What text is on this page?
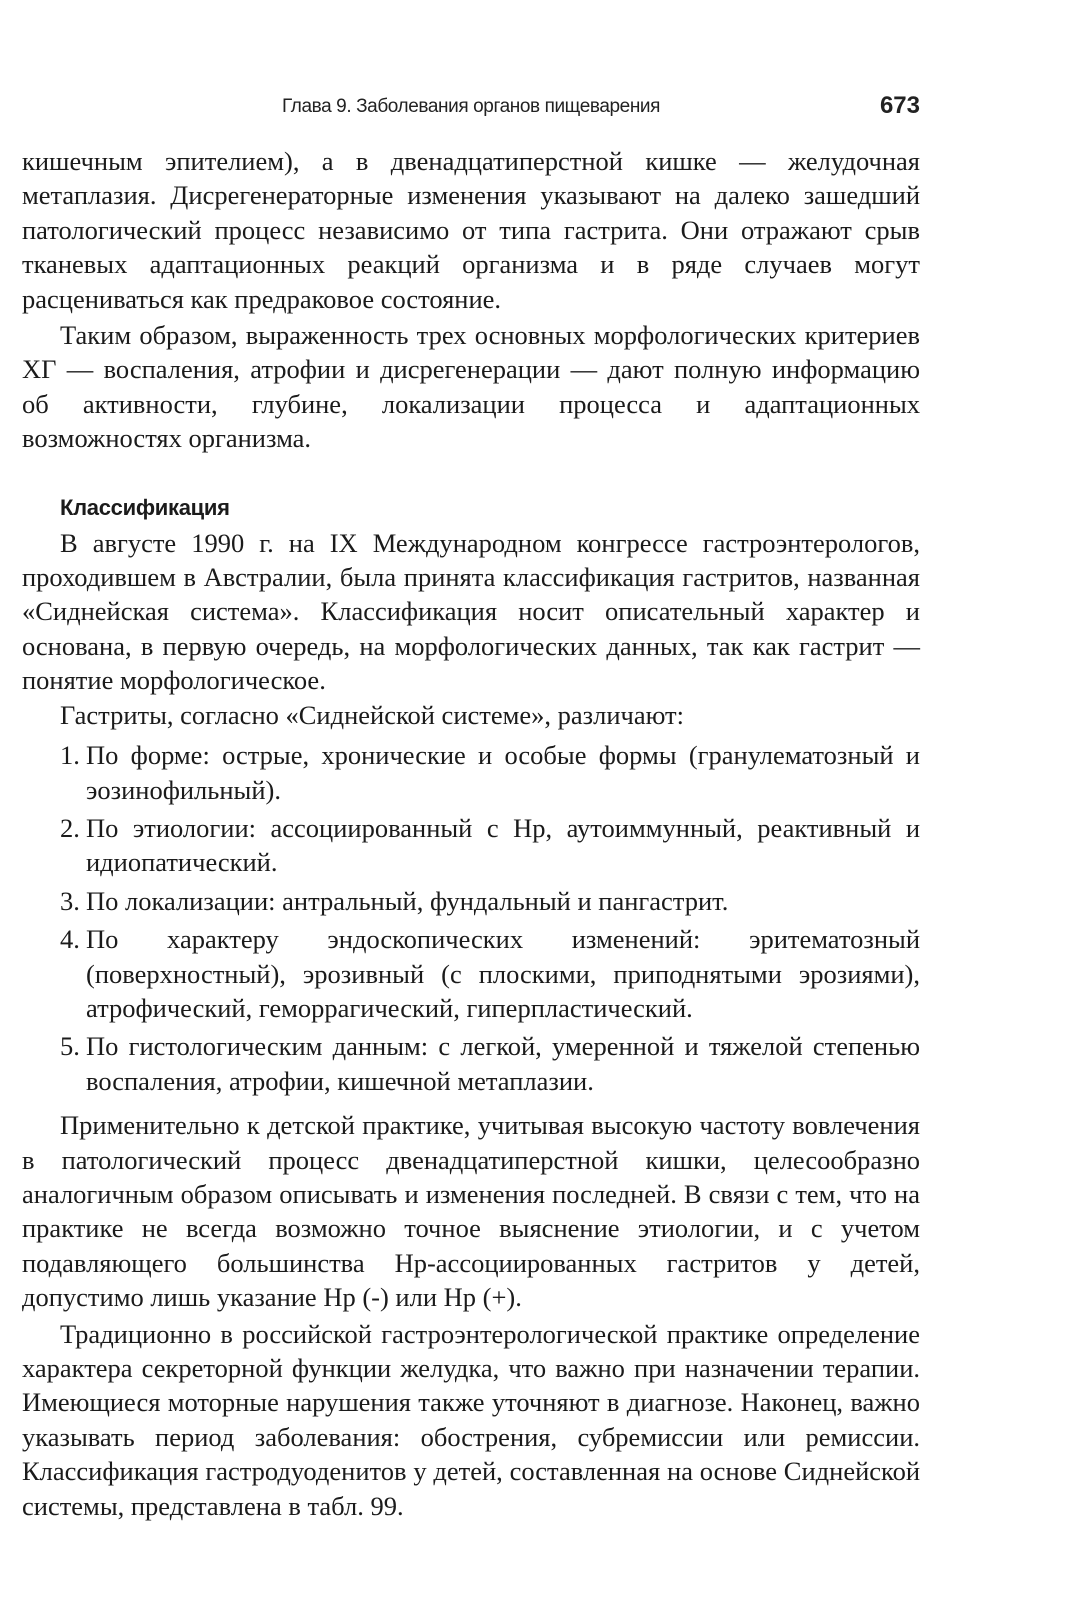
Глава 9. Заболевания органов пищеварения	673

кишечным эпителием), а в двенадцатиперстной кишке — желудочная метаплазия. Дисрегенераторные изменения указывают на далеко зашедший патологический процесс независимо от типа гастрита. Они отражают срыв тканевых адаптационных реакций организма и в ряде случаев могут расцениваться как предраковое состояние.

Таким образом, выраженность трех основных морфологических критериев ХГ — воспаления, атрофии и дисрегенерации — дают полную информацию об активности, глубине, локализации процесса и адаптационных возможностях организма.

Классификация

В августе 1990 г. на IX Международном конгрессе гастроэнтерологов, проходившем в Австралии, была принята классификация гастритов, названная «Сиднейская система». Классификация носит описательный характер и основана, в первую очередь, на морфологических данных, так как гастрит — понятие морфологическое.

Гастриты, согласно «Сиднейской системе», различают:

1. По форме: острые, хронические и особые формы (гранулематозный и эозинофильный).
2. По этиологии: ассоциированный с Нр, аутоиммунный, реактивный и идиопатический.
3. По локализации: антральный, фундальный и пангастрит.
4. По характеру эндоскопических изменений: эритематозный (поверхностный), эрозивный (с плоскими, приподнятыми эрозиями), атрофический, геморрагический, гиперпластический.
5. По гистологическим данным: с легкой, умеренной и тяжелой степенью воспаления, атрофии, кишечной метаплазии.

Применительно к детской практике, учитывая высокую частоту вовлечения в патологический процесс двенадцатиперстной кишки, целесообразно аналогичным образом описывать и изменения последней. В связи с тем, что на практике не всегда возможно точное выяснение этиологии, и с учетом подавляющего большинства Нр-ассоциированных гастритов у детей, допустимо лишь указание Нр (-) или Нр (+).

Традиционно в российской гастроэнтерологической практике определение характера секреторной функции желудка, что важно при назначении терапии. Имеющиеся моторные нарушения также уточняют в диагнозе. Наконец, важно указывать период заболевания: обострения, субремиссии или ремиссии. Классификация гастродуоденитов у детей, составленная на основе Сиднейской системы, представлена в табл. 99.
